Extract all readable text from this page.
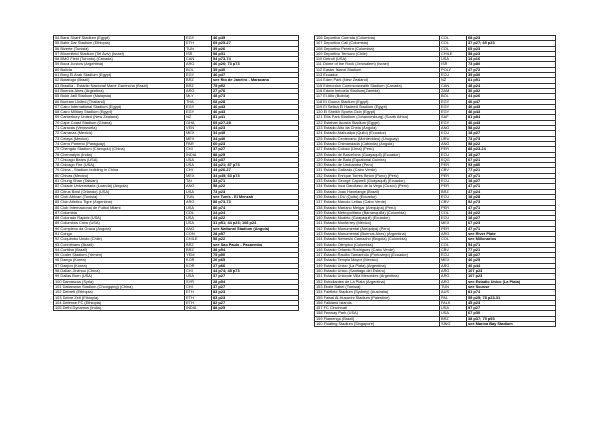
54 Barsi Sharif Stadium (Egypt)	EGY	46 p45
55 Bahir Dar Stadium (Ethiopia)	ETH	69 p25-27
56 Bizerte (Tunisia)	TUN	39 p26
57 Bloomfield Stadium (Tel Aviv) (Israel)	ISR	98 p31
58 BMO Field (Toronto) (Canada)	CAN	54 p73-74
59 Boca Juniors (Argentina)	ARG	46 p26; 73 p73
60 Bolivia	BOL	35 p40
61 Borg El Arab Stadium (Egypt)	EGY	46 p47
62 Botafogo (Brazil)	BRZ	see Rio de Janeiro - Maracana
63 Brasilia - Estádio Nacional Mané Garrincha (Brazil)	BRZ	75 p92
64 Buenos Aires (Argentina)	ARG	27 p76
65 Bukit Jalil Stadium (Malaysia)	MLY	48 p73
66 Buriram United (Thailand)	THA	68 p28
67 Cairo International Stadium (Egypt)	EGY	46 p43
68 Cairo Military Stadium (Egypt)	EGY	46 p43
69 Canterbury United (New Zealand)	NZ	81 p41
70 Cape Coast Stadium (Ghana)	GHA	69 p27-28
71 Caracas (Venezuela)	VEN	44 p23
72 Carranza (Mexico)	MEX	34 p49
73 Celaya (Mexico)	MEX	34 p40
74 Cerro Porteno (Paraguay)	PAR	60 p23
75 Chengdu Stadium (Chengdu) (China)	CHI	37 p27
76 Chennaiyin (India)	INDIA	88 p25
77 Chicago Bears (USA)	USA	34 p37
78 Chicago Fire (USA)	USA	44 p21; 87 p73
79 China - Stadium building in China	CHI	44 p26-27
80 Chivas (Mexico)	MEX	34 p45; 63 p73
81 Chung Shan (Taiwan)	TAI	33 p71
82 Cidade Universitaria (Luanda) (Angola)	ANG	58 p22
83 Citrus Bowl (Orlando) (USA)	USA	73 p23
84 Club African (Tunisia)	TUN	see Tunis - El Menzah
85 Club Atletico Tigre (Argentina)	ARG	88 p73-73
86 Club Internacional de Futbol Miami	USA	86 p74
87 Colombia	COL	24 p24
88 Colorado Rapids (USA)	USA	44 p22
89 Columbus Crew (USA)	USA	31 p51; 44 p23; 108 p24
90 Complexo da Graca (Angola)	ANG	see National Stadium (Angola)
91 Congo	CON	28 p57
92 Coquimbo Unido (Chile)	CHILE	58 p22
93 Corinthians (Brazil)	BRZ	see Sao Paulo - Pacaembu
94 Coritiba (Brazil)	BRZ	38 p54
95 Crater Stadium (Yemen)	YEM	75 p50
96 Daegu (Korea)	KOR	26 p65
97 Daejon (Korea)	KOR	27 p66
98 Dalian Jinzhou (China)	CHI	44 p74; 48 p73
99 Dallas Burn (USA)	USA	37 p27
100 Damascus (Syria)	SYR	28 p54
101 Datianwan Stadium (Chongqing) (China)	CHI	37 p27
102 Debrelt (Ethiopia)	ETH	83 p23
103 Debre Zeit (Ethiopia)	ETH	83 p23
104 Defence FC (Ethiopia)	ETH	82 p27
105 Delhi Dynamos (India)	INDIA	88 p25
106 Deportivo Cuenda (Colombia)	COL	68 p23
107 Deportivo Cali (Colombia)	COL	37 p27; 65 p23
108 Deportivo Pereira (Colombia)	COL	65 p23
109 Deportivo Temuco (Chile)	CHILE	58 p23
110 Detroit (USA)	USA	14 p16
111 Dome of the Rock (Jerusalem) (Israel)	ISR	73 p80
112 Easter Island Stadium	POLY	47 p72
113 Ecuador	ECU	35 p30
114 Eden Park (New Zealand)	NZ	81 p51
115 Edmonton Commonwealth Stadium (Canada)	CAN	48 p24
116 Edwin Imboela Stadium(Zambia)	ZAM	36 p32
117 El Alto (Bolivia)	BOL	44 p26
118 El Gouna Stadium (Egypt)	EGY	46 p47
119 El Sekka El Hadeed Stadium (Egypt)	EGY	46 p43
120 El Sheikh Sporta Club (Egypt)	EGY	46 p43
121 Ellis Park Stadium (Johannesburg) (South Africa)	SAF	81 p84
122 Esteban Acosta Stadium (Egypt)	EGY	46 p43
123 Estadio Alto da Chela (Angola)	ANG	58 p22
124 Estadio Atahualpa (Quito) (Ecuador)	ECU	18 p27
125 Estadio Centenario (Montevideo) (Uruguay)	URU	73 p73
126 Estadio Chimandada (Cabinda) (Angola)	ANG	58 p22
127 Estadio Coloso (Lima) (Peru)	PER	88 p23-24
128 Estadio de Barcelona (Guayaquil) (Ecuador)	ECU	18 p27
129 Estadio de Bata (Equatorial Guinea)	EQG	67 p21
130 Estadio de Urubamba (Peru)	PER	93 p80
131 Estadio Gallardo (Cabo Verde)	CBV	77 p21
132 Estadio Enrique Torres Belon (Puno) (Peru)	PER	47 p71
133 Estadio George Capwell (Guayaquil) (Ecuador)	ECU	18 p27
134 Estadio Inca Garcilaso de la Vega (Cuzco) (Peru)	PER	47 p71
135 Estadio Joao Havelange (Brazil)	BRZ	47 p24
136 Estadio LDU (Quito) (Ecuador)	ECU	18 p28
137 Estadio Manolo Leitao (Cabo Verde)	CBV	52 p73
138 Estadio Mariano Melgar (Arequipa) (Peru)	PER	47 p71
139 Estadio Metropolitano (Barranquilla) (Colombia)	COL	34 p22
140 Estadio Modelo (Guayaquil) (Ecuador)	ECU	18 p27
141 Estadio Monterrey (Mexico)	MEX	67 p23
142 Estadio Monumental (Arequipa) (Peru)	PER	47 p71
143 Estadio Monumental (Buenos Aires) (Argentina)	ARG	see River Plate
144 Estadio Nemesio Camacho (Bogota) (Colombia)	COL	see Millonarios
145 Estadio Olimpico (Colombia)	COL	54 p71
146 Estadio Orlando Rodrigues (Cabo Verde)	CBV	77 p21
147 Estadio Raulito Tamarindo (Portoviejo) (Ecuador)	ECU	18 p27
148 Estadio Templo Mayor (Mexico)	MEX	46 p25
149 Estadio Unico (La Plata) (Argentina)	ARG	40 p44
150 Estadio Unico (Santiago del Estero)	ARG	107 p23
151 Estadio Unicode Villa Mercedes (Argentina)	ARG	107 p23
152 Estudiantes de La Plata (Argentina)	ARG	see Estadio Unico (La Plata)
153 Etoile Sahel (Tunisia)	TUN	see Sousse
154 Fairfield Stadium (Sydney) (Australia)	AUS	81 p74
155 Faisal Al-Husseini Stadium (Palestine)	PAL	55 p25; 78 p23-31
156 Falkland Islands	FALK	45 p23
157 FC Cincinnati	USA	97 p27
158 Fenway Park (USA)	USA	67 p30
159 Flamengo (Brazil)	BRZ	38 p37; 75 p93
160 Floating Stadium (Singapore)	SING	see Marina Bay Stadium
